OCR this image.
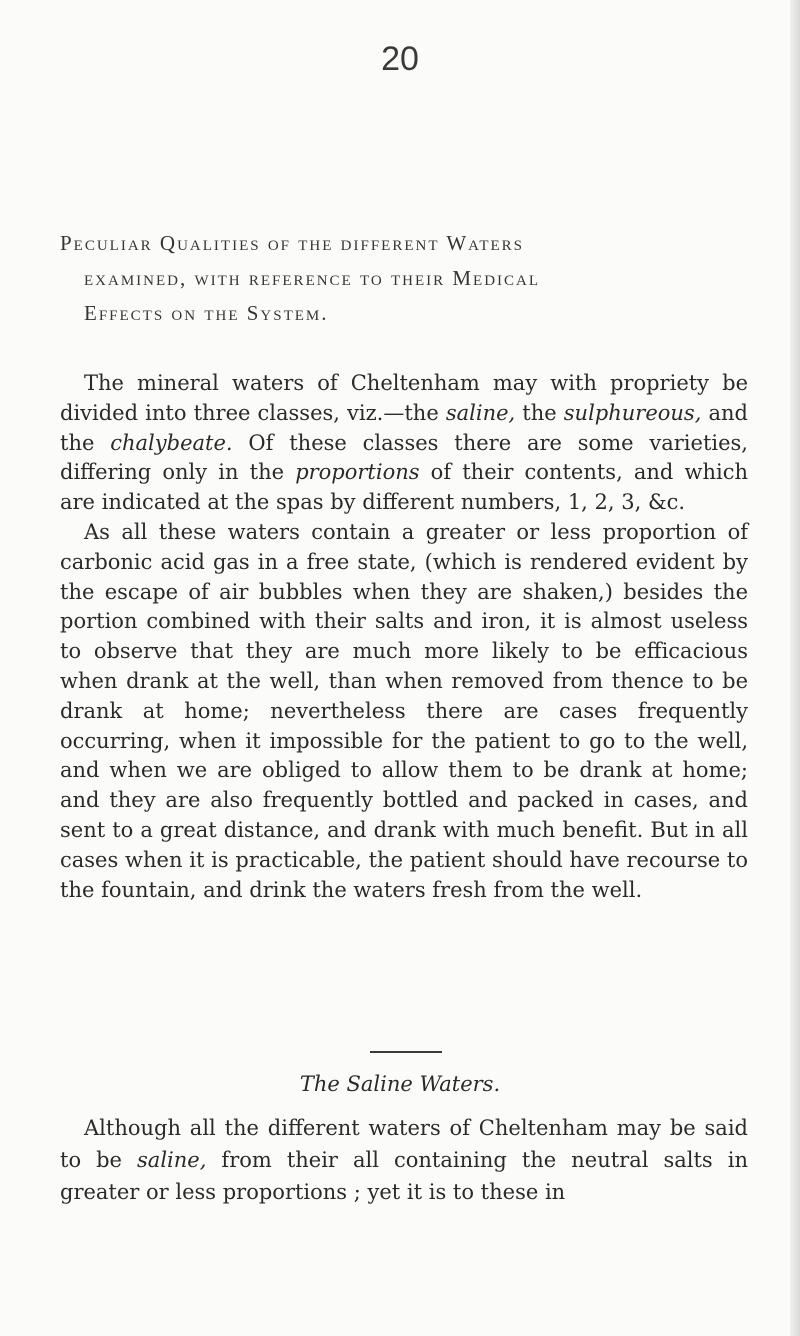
20
Peculiar Qualities of the different Waters
examined, with reference to their Medical
Effects on the System.

The mineral waters of Cheltenham may with propriety be divided into three classes, viz.—the saline, the sulphureous, and the chalybeate. Of these classes there are some varieties, differing only in the proportions of their contents, and which are indicated at the spas by different numbers, 1, 2, 3, &c.

As all these waters contain a greater or less proportion of carbonic acid gas in a free state, (which is rendered evident by the escape of air bubbles when they are shaken,) besides the portion combined with their salts and iron, it is almost useless to observe that they are much more likely to be efficacious when drank at the well, than when removed from thence to be drank at home; nevertheless there are cases frequently occurring, when it impossible for the patient to go to the well, and when we are obliged to allow them to be drank at home; and they are also frequently bottled and packed in cases, and sent to a great distance, and drank with much benefit. But in all cases when it is practicable, the patient should have recourse to the fountain, and drink the waters fresh from the well.

The Saline Waters.

Although all the different waters of Cheltenham may be said to be saline, from their all containing the neutral salts in greater or less proportions ; yet it is to these in
